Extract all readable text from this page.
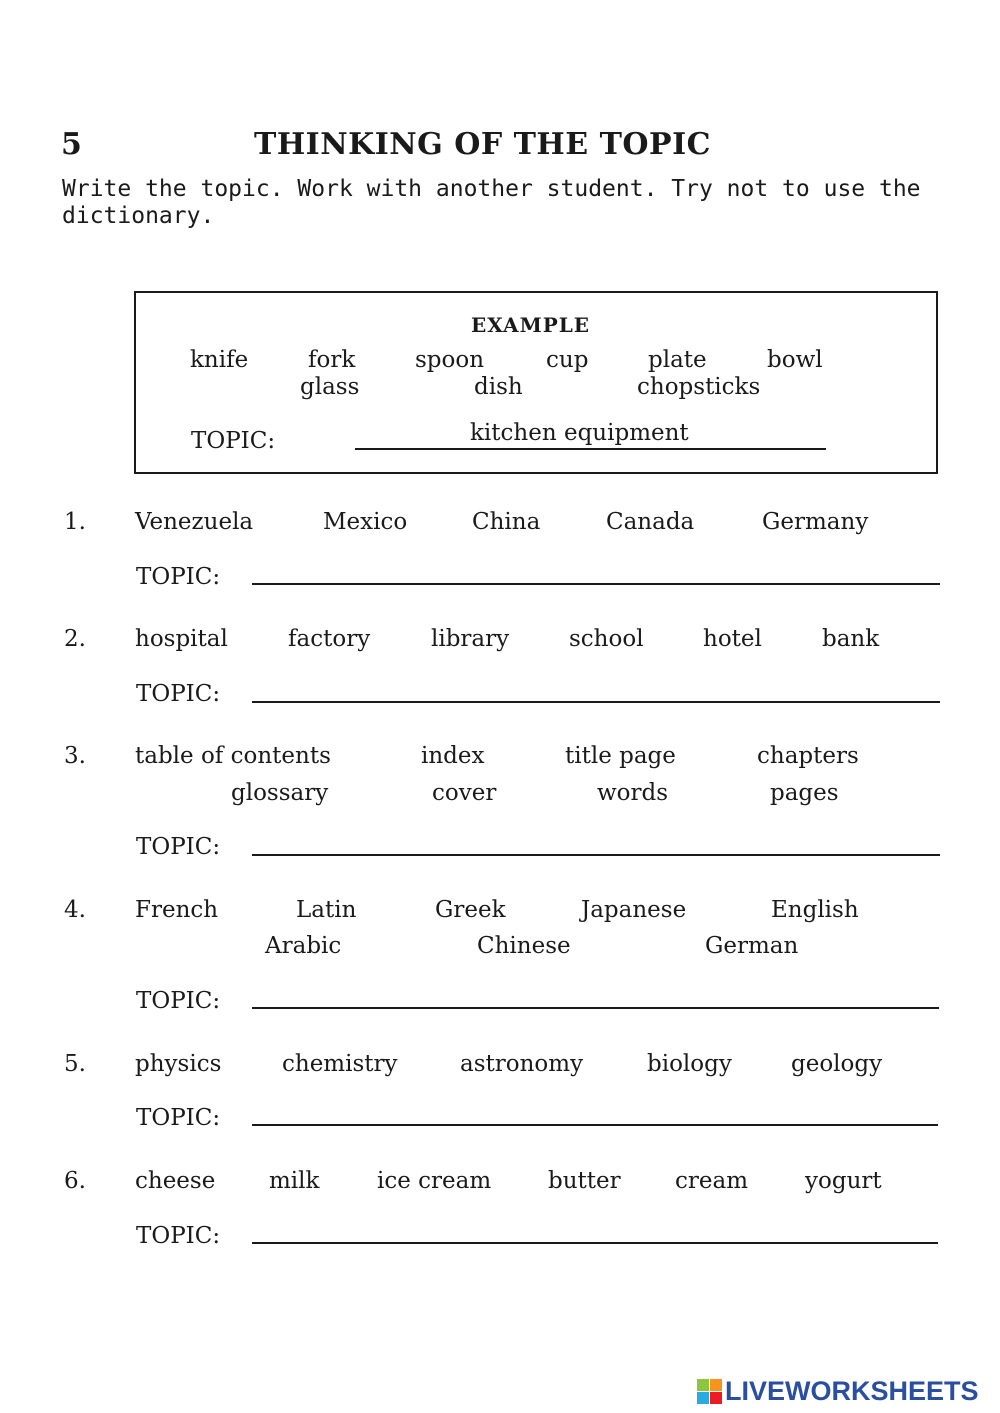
5	THINKING OF THE TOPIC
Write the topic. Work with another student. Try not to use the
dictionary.
EXAMPLE
knife	fork	spoon	cup	plate	bowl
glass	dish	chopsticks
TOPIC:	kitchen equipment
1. Venezuela	Mexico	China	Canada	Germany
TOPIC:
2. hospital	factory	library	school	hotel	bank
TOPIC:
3. table of contents	index	title page	chapters
glossary	cover	words	pages
TOPIC:
4. French	Latin	Greek	Japanese	English
Arabic	Chinese	German
TOPIC:
5. physics	chemistry	astronomy	biology	geology
TOPIC:
6. cheese milk	ice cream butter cream yogurt
TOPIC:
LIVEWORKSHEETS
